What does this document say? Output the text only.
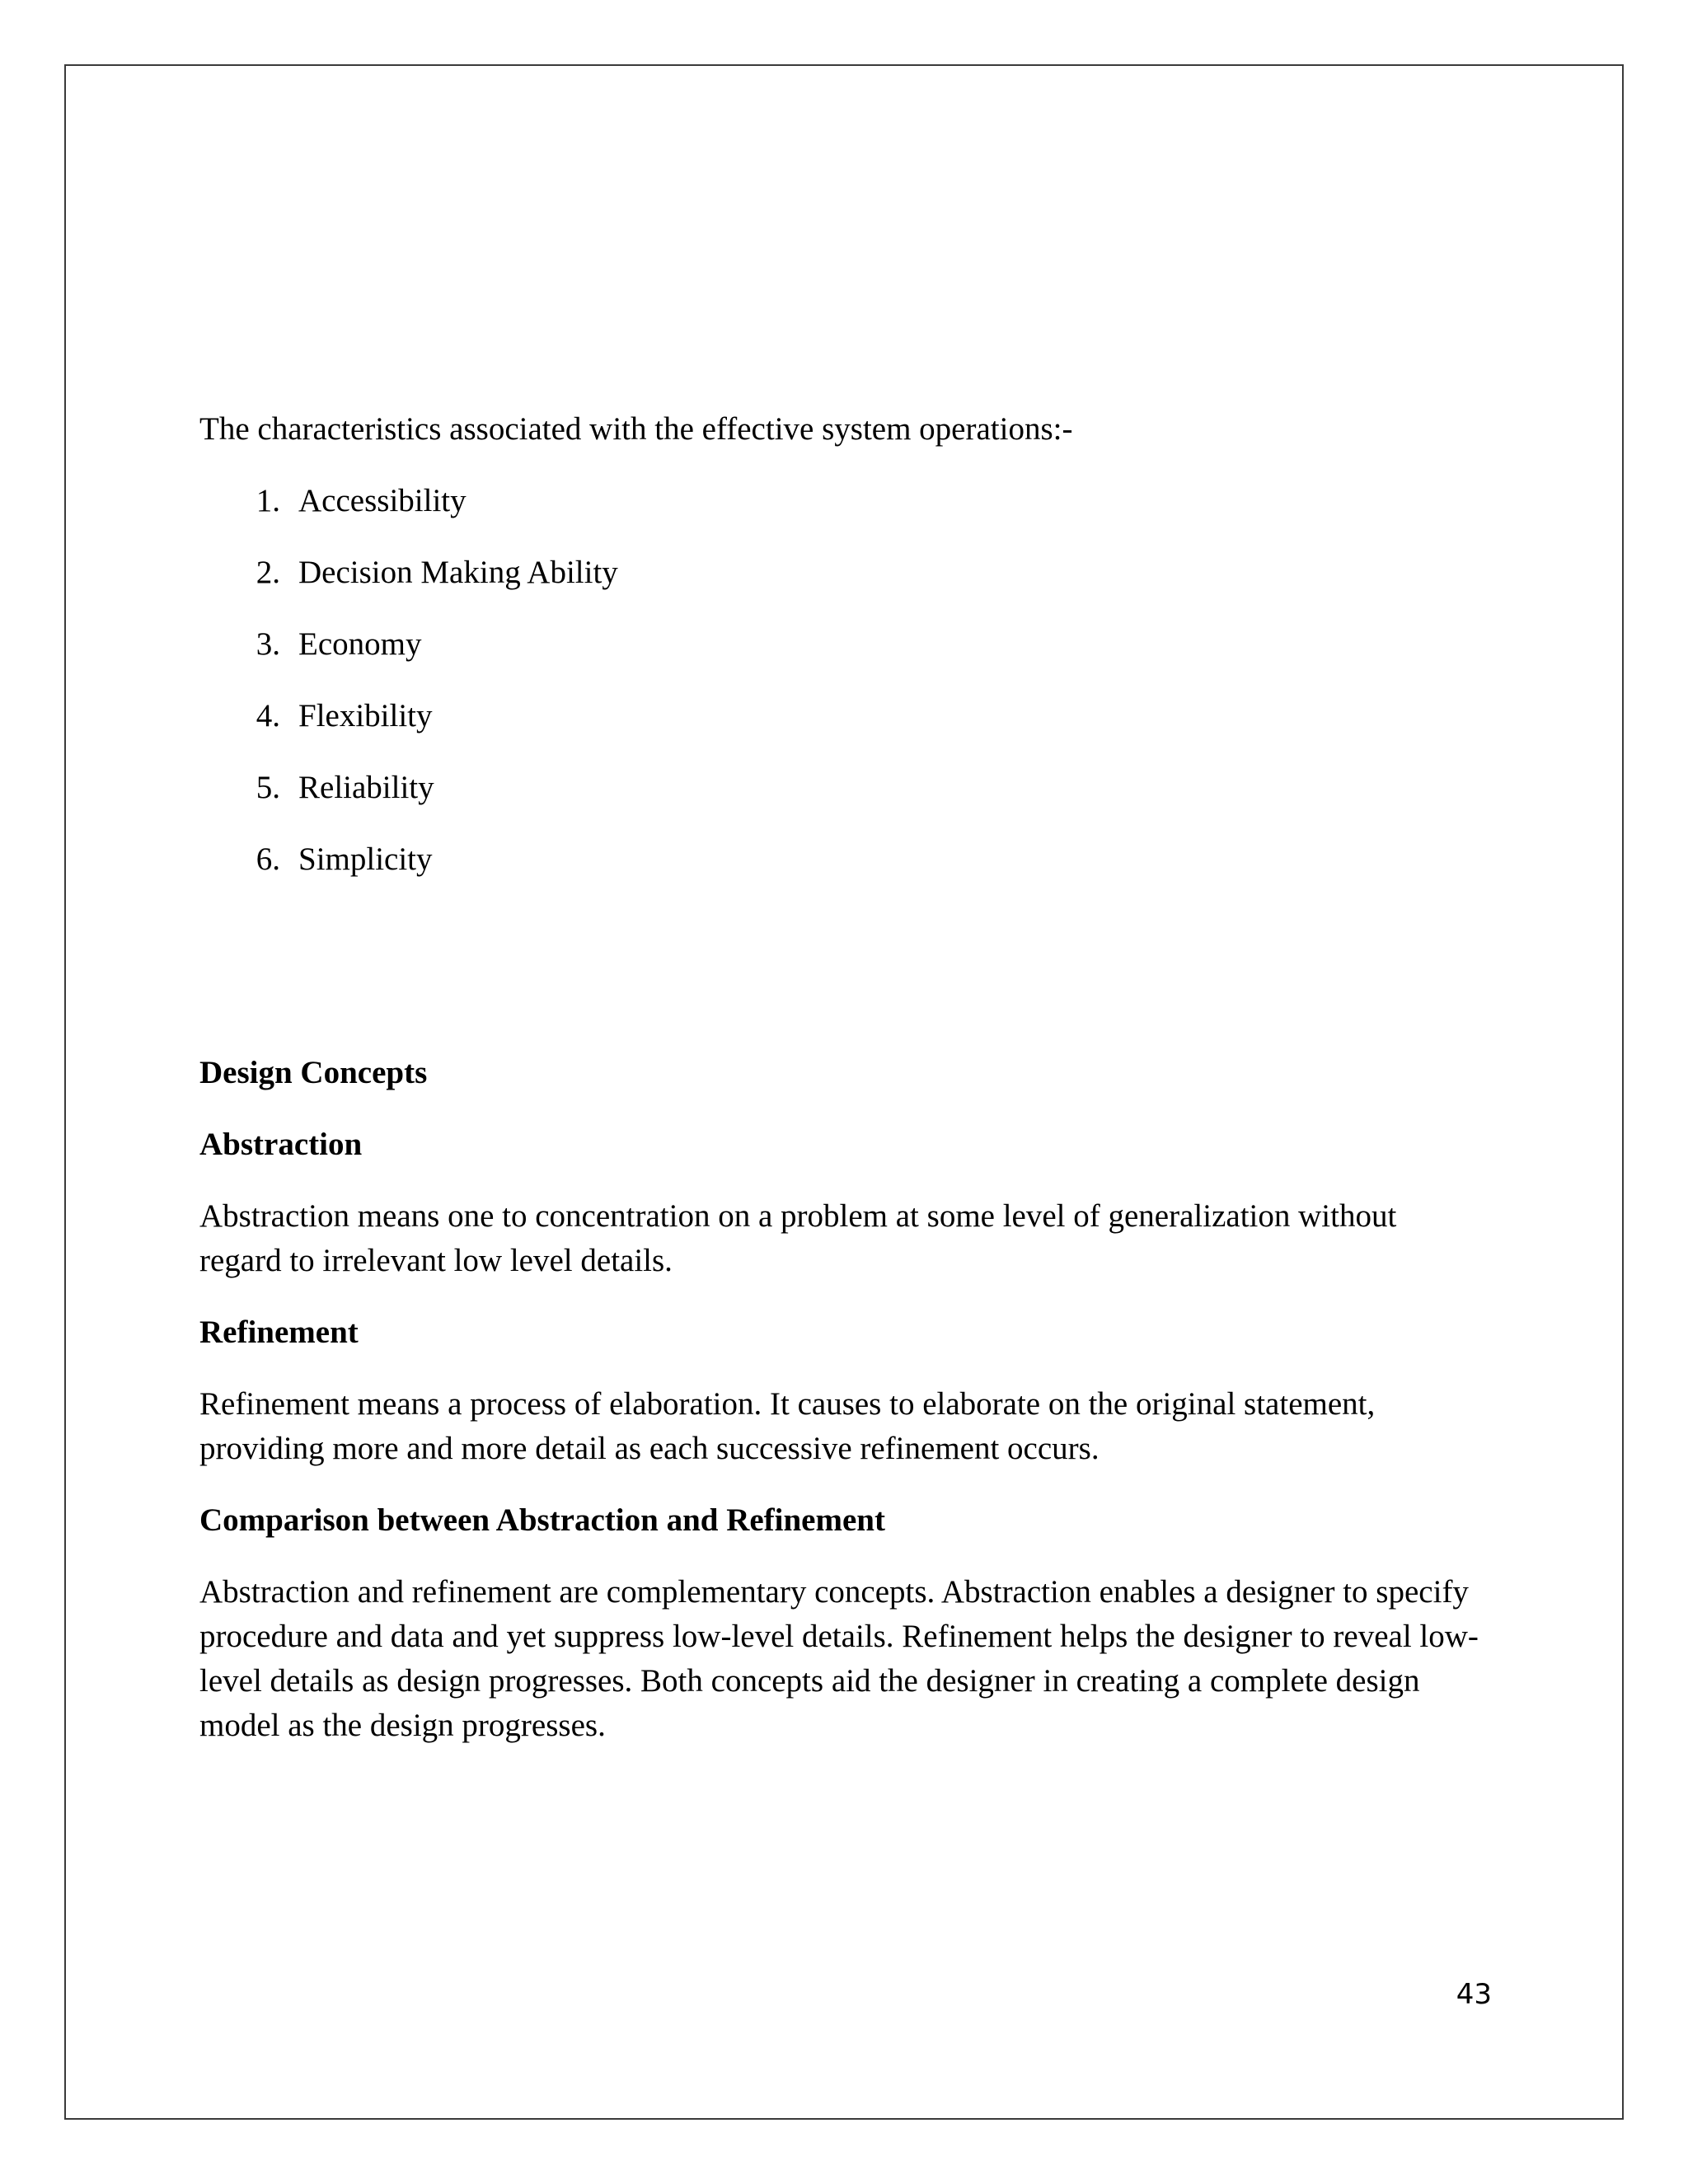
The characteristics associated with the effective system operations:-

1. Accessibility
2. Decision Making Ability
3. Economy
4. Flexibility
5. Reliability
6. Simplicity
Design Concepts
Abstraction

Abstraction means one to concentration on a problem at some level of generalization without regard to irrelevant low level details.

Refinement

Refinement means a process of elaboration. It causes to elaborate on the original statement, providing more and more detail as each successive refinement occurs.

Comparison between Abstraction and Refinement

Abstraction and refinement are complementary concepts. Abstraction enables a designer to specify procedure and data and yet suppress low-level details. Refinement helps the designer to reveal low-level details as design progresses. Both concepts aid the designer in creating a complete design model as the design progresses.

43
